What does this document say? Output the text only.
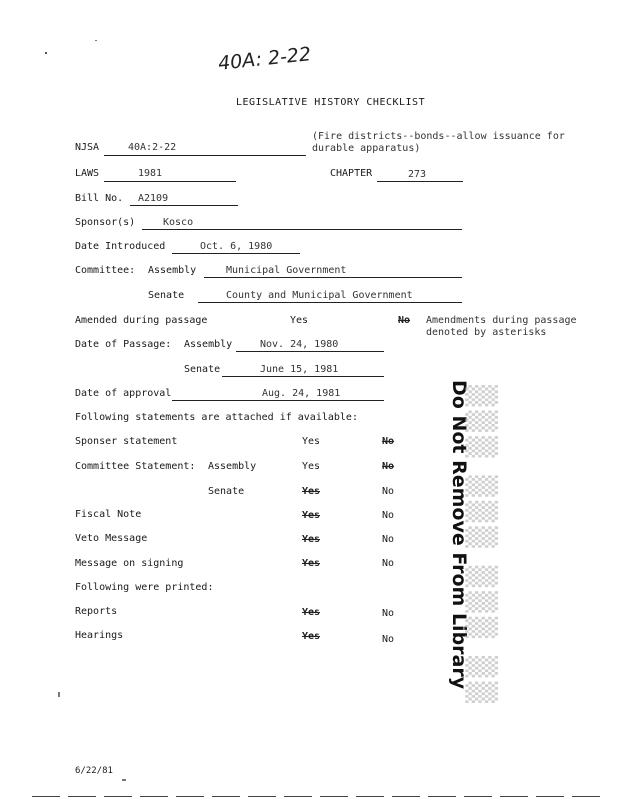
40A: 2-22
LEGISLATIVE HISTORY CHECKLIST
NJSA	40A:2-22
(Fire districts--bonds--allow issuance for
durable apparatus)
LAWS	1981	CHAPTER	273
Bill No. A2109
Sponsor(s)	Kosco
Date Introduced	Oct. 6, 1980
Committee: Assembly	Municipal Government
Senate	County and Municipal Government
Amended during passage	Yes	No Amendments during passage
denoted by asterisks
Date of Passage: Assembly	Nov. 24, 1980
Senate	June 15, 1981
Date of approval	Aug. 24, 1981
Following statements are attached if available:
Sponser statement	Yes	No
Committee Statement: Assembly	Yes	No
Senate	Yes	No
Fiscal Note	Yes	No
Veto Message	Yes	No
Message on signing	Yes	No
Following were printed:
Reports	Yes	No
Hearings	Yes	No	Do Not Remove From Library
▒▒▒ ▒▒▒ ▒▒▒ ▒▒
6/22/81
